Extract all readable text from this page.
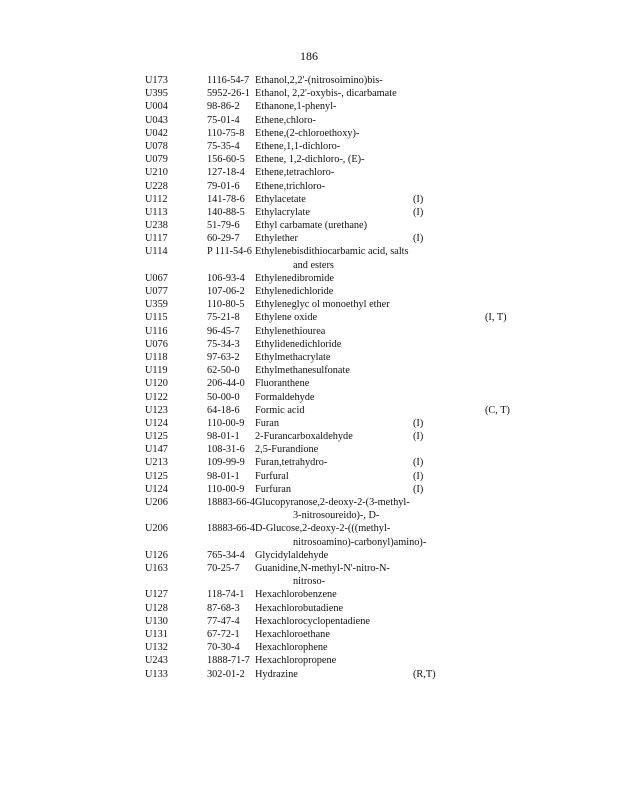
186
U173	1116-54-7 Ethanol,2,2'-(nitrosoimino)bis-
U395	5952-26-1 Ethanol, 2,2'-oxybis-, dicarbamate
U004	98-86-2 Ethanone,1-phenyl-
U043	75-01-4 Ethene,chloro-
U042	110-75-8 Ethene,(2-chloroethoxy)-
U078	75-35-4 Ethene,1,1-dichloro-
U079	156-60-5 Ethene, 1,2-dichloro-, (E)-
U210	127-18-4 Ethene,tetrachloro-
U228	79-01-6 Ethene,trichloro-
U112	141-78-6 Ethylacetate	(I)
U113	140-88-5 Ethylacrylate	(I)
U238	51-79-6 Ethyl carbamate (urethane)
U117	60-29-7 Ethylether	(I)
U114	P 111-54-6 Ethylenebisdithiocarbamic acid, salts
and esters
U067	106-93-4 Ethylenedibromide
U077	107-06-2 Ethylenedichloride
U359	110-80-5 Ethyleneglyc ol monoethyl ether
U115	75-21-8 Ethylene oxide	(I, T)
U116	96-45-7 Ethylenethiourea
U076	75-34-3 Ethylidenedichloride
U118	97-63-2 Ethylmethacrylate
U119	62-50-0 Ethylmethanesulfonate
U120	206-44-0 Fluoranthene
U122	50-00-0 Formaldehyde
U123	64-18-6 Formic acid	(C, T)
U124	110-00-9 Furan	(I)
U125	98-01-1 2-Furancarboxaldehyde	(I)
U147	108-31-6 2,5-Furandione
U213	109-99-9 Furan,tetrahydro-	(I)
U125	98-01-1 Furfural	(I)
U124	110-00-9 Furfuran	(I)
U206	18883-66-4 Glucopyranose,2-deoxy-2-(3-methyl-
3-nitrosoureido)-, D-
U206	18883-66-4 D-Glucose,2-deoxy-2-(((methyl-
nitrosoamino)-carbonyl)amino)-
U126	765-34-4 Glycidylaldehyde
U163	70-25-7 Guanidine,N-methyl-N'-nitro-N-
nitroso-
U127	118-74-1 Hexachlorobenzene
U128	87-68-3 Hexachlorobutadiene
U130	77-47-4 Hexachlorocyclopentadiene
U131	67-72-1 Hexachloroethane
U132	70-30-4 Hexachlorophene
U243	1888-71-7 Hexachloropropene
U133	302-01-2 Hydrazine	(R,T)
